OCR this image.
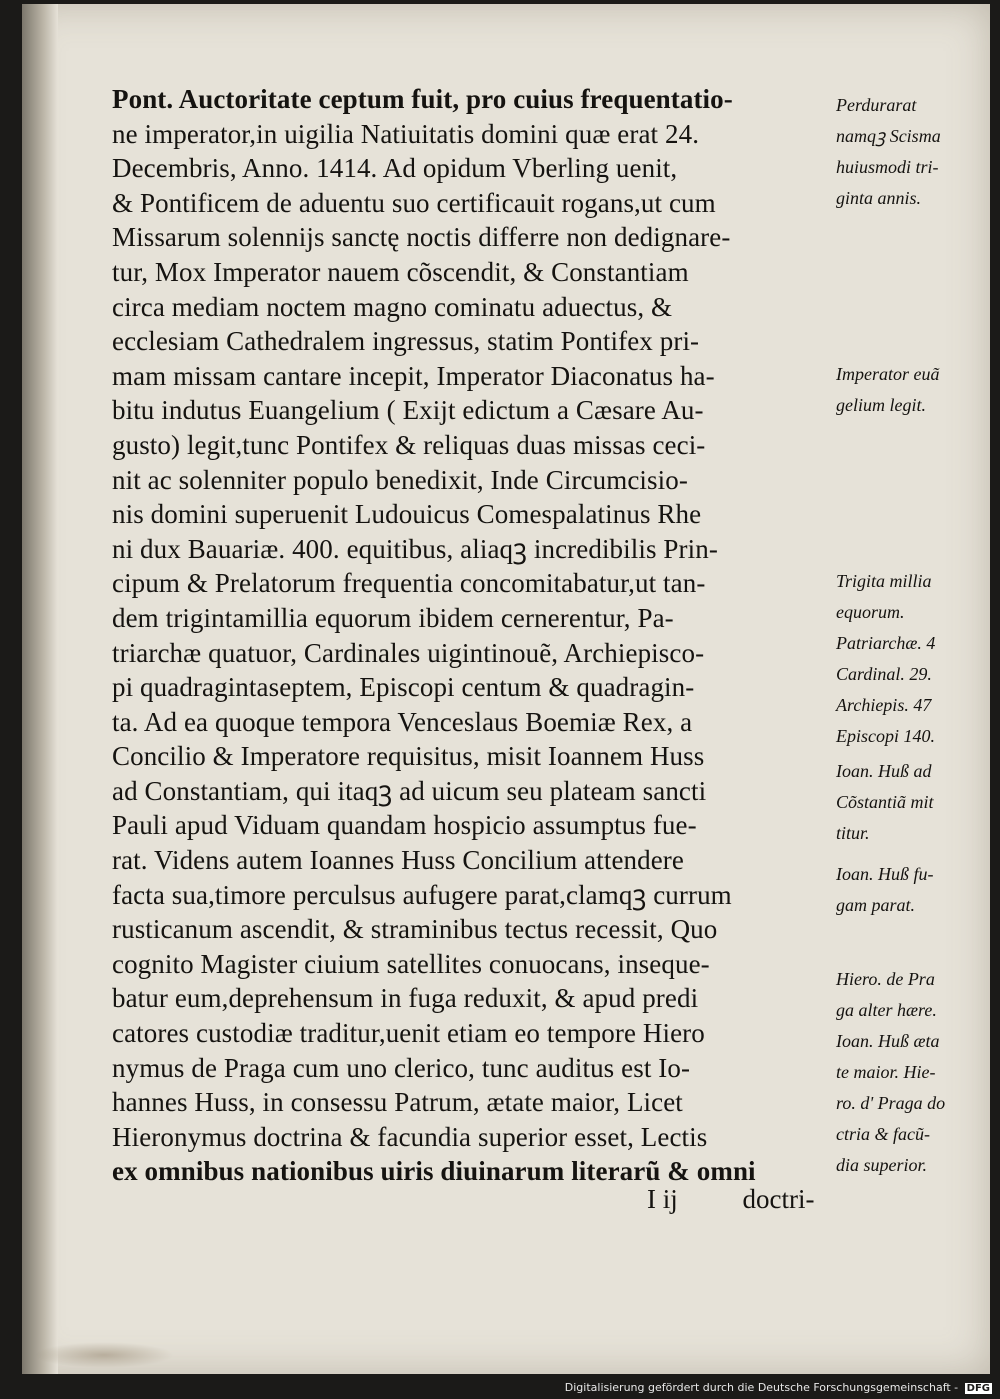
Pont. Auctoritate ceptum fuit, pro cuius frequentatio-
ne imperator,in uigilia Natiuitatis domini quæ erat 24.
Decembris, Anno. 1414. Ad opidum Vberling uenit,
& Pontificem de aduentu suo certificauit rogans,ut cum
Missarum solennijs sanctę noctis differre non dedignare-
tur, Mox Imperator nauem cõscendit, & Constantiam
circa mediam noctem magno cominatu aduectus, &
ecclesiam Cathedralem ingressus, statim Pontifex pri-
mam missam cantare incepit, Imperator Diaconatus ha-
bitu indutus Euangelium ( Exijt edictum a Cæsare Au-
gusto) legit,tunc Pontifex & reliquas duas missas ceci-
nit ac solenniter populo benedixit, Inde Circumcisio-
nis domini superuenit Ludouicus Comespalatinus Rhe
ni dux Bauariæ. 400. equitibus, aliaqꝫ incredibilis Prin-
cipum & Prelatorum frequentia concomitabatur,ut tan-
dem trigintamillia equorum ibidem cernerentur, Pa-
triarchæ quatuor, Cardinales uigintinouẽ, Archiepisco-
pi quadragintaseptem, Episcopi centum & quadragin-
ta. Ad ea quoque tempora Venceslaus Boemiæ Rex, a
Concilio & Imperatore requisitus, misit Ioannem Huss
ad Constantiam, qui itaqꝫ ad uicum seu plateam sancti
Pauli apud Viduam quandam hospicio assumptus fue-
rat. Videns autem Ioannes Huss Concilium attendere
facta sua,timore perculsus aufugere parat,clamqꝫ currum
rusticanum ascendit, & straminibus tectus recessit, Quo
cognito Magister ciuium satellites conuocans, inseque-
batur eum,deprehensum in fuga reduxit, & apud predi
catores custodiæ traditur,uenit etiam eo tempore Hiero
nymus de Praga cum uno clerico, tunc auditus est Io-
hannes Huss, in consessu Patrum, ætate maior, Licet
Hieronymus doctrina & facundia superior esset, Lectis
ex omnibus nationibus uiris diuinarum literarũ & omni
I ij doctri-
Perdurarat
namqꝫ Scisma
huiusmodi tri-
ginta annis.
Imperator euã
gelium legit.
Trigita millia
equorum.
Patriarchæ. 4
Cardinal. 29.
Archiepis. 47
Episcopi 140.
Ioan. Huß ad
Cõstantiã mit
titur.
Ioan. Huß fu-
gam parat.
Hiero. de Pra
ga alter hære.
Ioan. Huß æta
te maior. Hie-
ro. d' Praga do
ctria & facũ-
dia superior.
Digitalisierung gefördert durch die Deutsche Forschungsgemeinschaft - DFG
